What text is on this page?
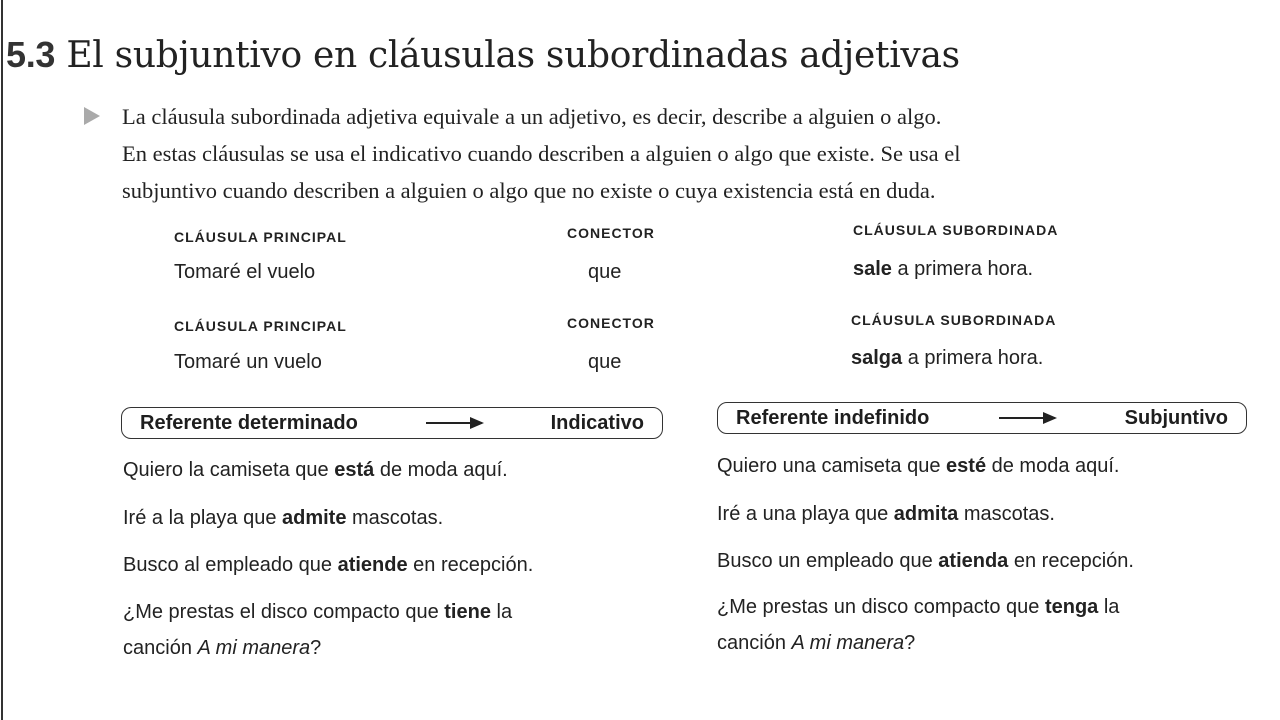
5.3 El subjuntivo en cláusulas subordinadas adjetivas
La cláusula subordinada adjetiva equivale a un adjetivo, es decir, describe a alguien o algo.
En estas cláusulas se usa el indicativo cuando describen a alguien o algo que existe. Se usa el
subjuntivo cuando describen a alguien o algo que no existe o cuya existencia está en duda.
CLÁUSULA PRINCIPAL	CONECTOR	CLÁUSULA SUBORDINADA
Tomaré el vuelo	que	sale a primera hora.
CLÁUSULA PRINCIPAL	CONECTOR	CLÁUSULA SUBORDINADA
Tomaré un vuelo	que	salga a primera hora.
Referente determinado	Indicativo	Referente indefinido	Subjuntivo
Quiero la camiseta que está de moda aquí.
Iré a la playa que admite mascotas.
Busco al empleado que atiende en recepción.
¿Me prestas el disco compacto que tiene la
canción A mi manera?
Quiero una camiseta que esté de moda aquí.
Iré a una playa que admita mascotas.
Busco un empleado que atienda en recepción.
¿Me prestas un disco compacto que tenga la
canción A mi manera?
